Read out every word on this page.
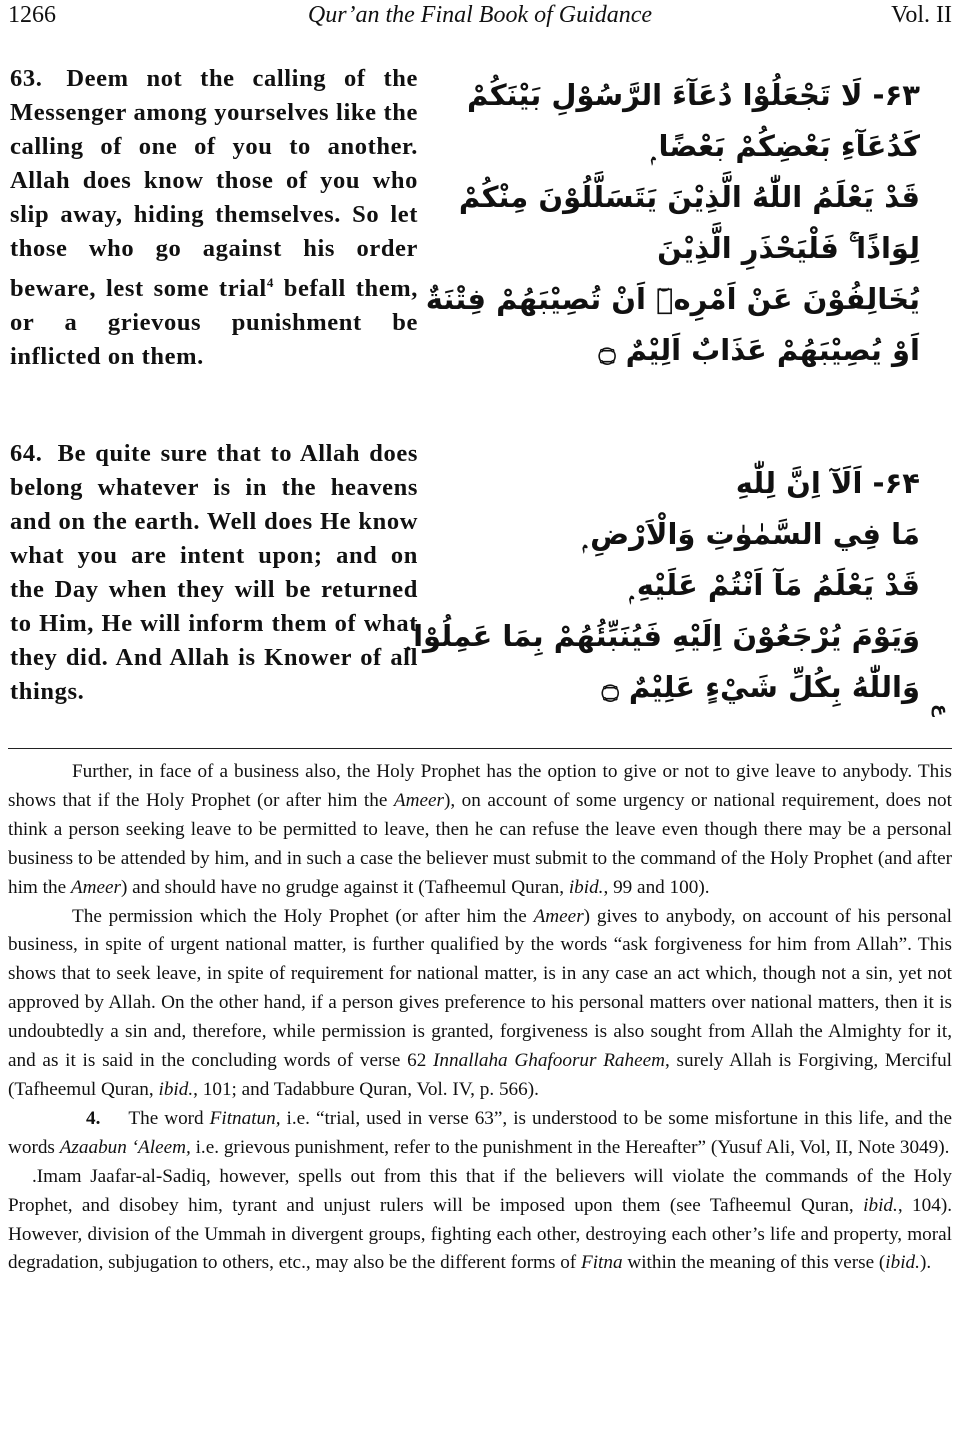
1266	Qur’an the Final Book of Guidance	Vol. II
63. Deem not the calling of the Messenger among yourselves like the calling of one of you to another. Allah does know those of you who slip away, hiding themselves. So let those who go against his order beware, lest some trial$^4$ befall them, or a grievous punishment be inflicted on them.
۶۳- لَا تَجْعَلُوْا دُعَآءَ الرَّسُوْلِ بَيْنَكُمْ
كَدُعَآءِ بَعْضِكُمْ بَعْضًا ۭ
قَدْ يَعْلَمُ اللّٰهُ الَّذِيْنَ يَتَسَلَّلُوْنَ مِنْكُمْ
لِوَاذًا ۚ فَلْيَحْذَرِ الَّذِيْنَ
يُخَالِفُوْنَ عَنْ اَمْرِهٖٓ اَنْ تُصِيْبَهُمْ فِتْنَةٌ
اَوْ يُصِيْبَهُمْ عَذَابٌ اَلِيْمٌ ۝
64. Be quite sure that to Allah does belong whatever is in the heavens and on the earth. Well does He know what you are intent upon; and on the Day when they will be returned to Him, He will inform them of what they did. And Allah is Knower of all things.
۶۴- اَلَآ اِنَّ لِلّٰهِ
مَا فِي السَّمٰوٰتِ وَالْاَرْضِ ۭ
قَدْ يَعْلَمُ مَآ اَنْتُمْ عَلَيْهِ ۭ
وَيَوْمَ يُرْجَعُوْنَ اِلَيْهِ فَيُنَبِّئُهُمْ بِمَا عَمِلُوْا ۭ
وَاللّٰهُ بِكُلِّ شَيْءٍ عَلِيْمٌ ۝
ع

Further, in face of a business also, the Holy Prophet has the option to give or not to give leave to anybody. This shows that if the Holy Prophet (or after him the Ameer), on account of some urgency or national requirement, does not think a person seeking leave to be permitted to leave, then he can refuse the leave even though there may be a personal business to be attended by him, and in such a case the believer must submit to the command of the Holy Prophet (and after him the Ameer) and should have no grudge against it (Tafheemul Quran, ibid., 99 and 100).

The permission which the Holy Prophet (or after him the Ameer) gives to anybody, on account of his personal business, in spite of urgent national matter, is further qualified by the words “ask forgiveness for him from Allah”. This shows that to seek leave, in spite of requirement for national matter, is in any case an act which, though not a sin, yet not approved by Allah. On the other hand, if a person gives preference to his personal matters over national matters, then it is undoubtedly a sin and, therefore, while permission is granted, forgiveness is also sought from Allah the Almighty for it, and as it is said in the concluding words of verse 62 Innallaha Ghafoorur Raheem, surely Allah is Forgiving, Merciful (Tafheemul Quran, ibid., 101; and Tadabbure Quran, Vol. IV, p. 566).

4. The word Fitnatun, i.e. “trial, used in verse 63”, is understood to be some misfortune in this life, and the words Azaabun ‘Aleem, i.e. grievous punishment, refer to the punishment in the Hereafter” (Yusuf Ali, Vol, II, Note 3049).

.Imam Jaafar-al-Sadiq, however, spells out from this that if the believers will violate the commands of the Holy Prophet, and disobey him, tyrant and unjust rulers will be imposed upon them (see Tafheemul Quran, ibid., 104). However, division of the Ummah in divergent groups, fighting each other, destroying each other’s life and property, moral degradation, subjugation to others, etc., may also be the different forms of Fitna within the meaning of this verse (ibid.).
